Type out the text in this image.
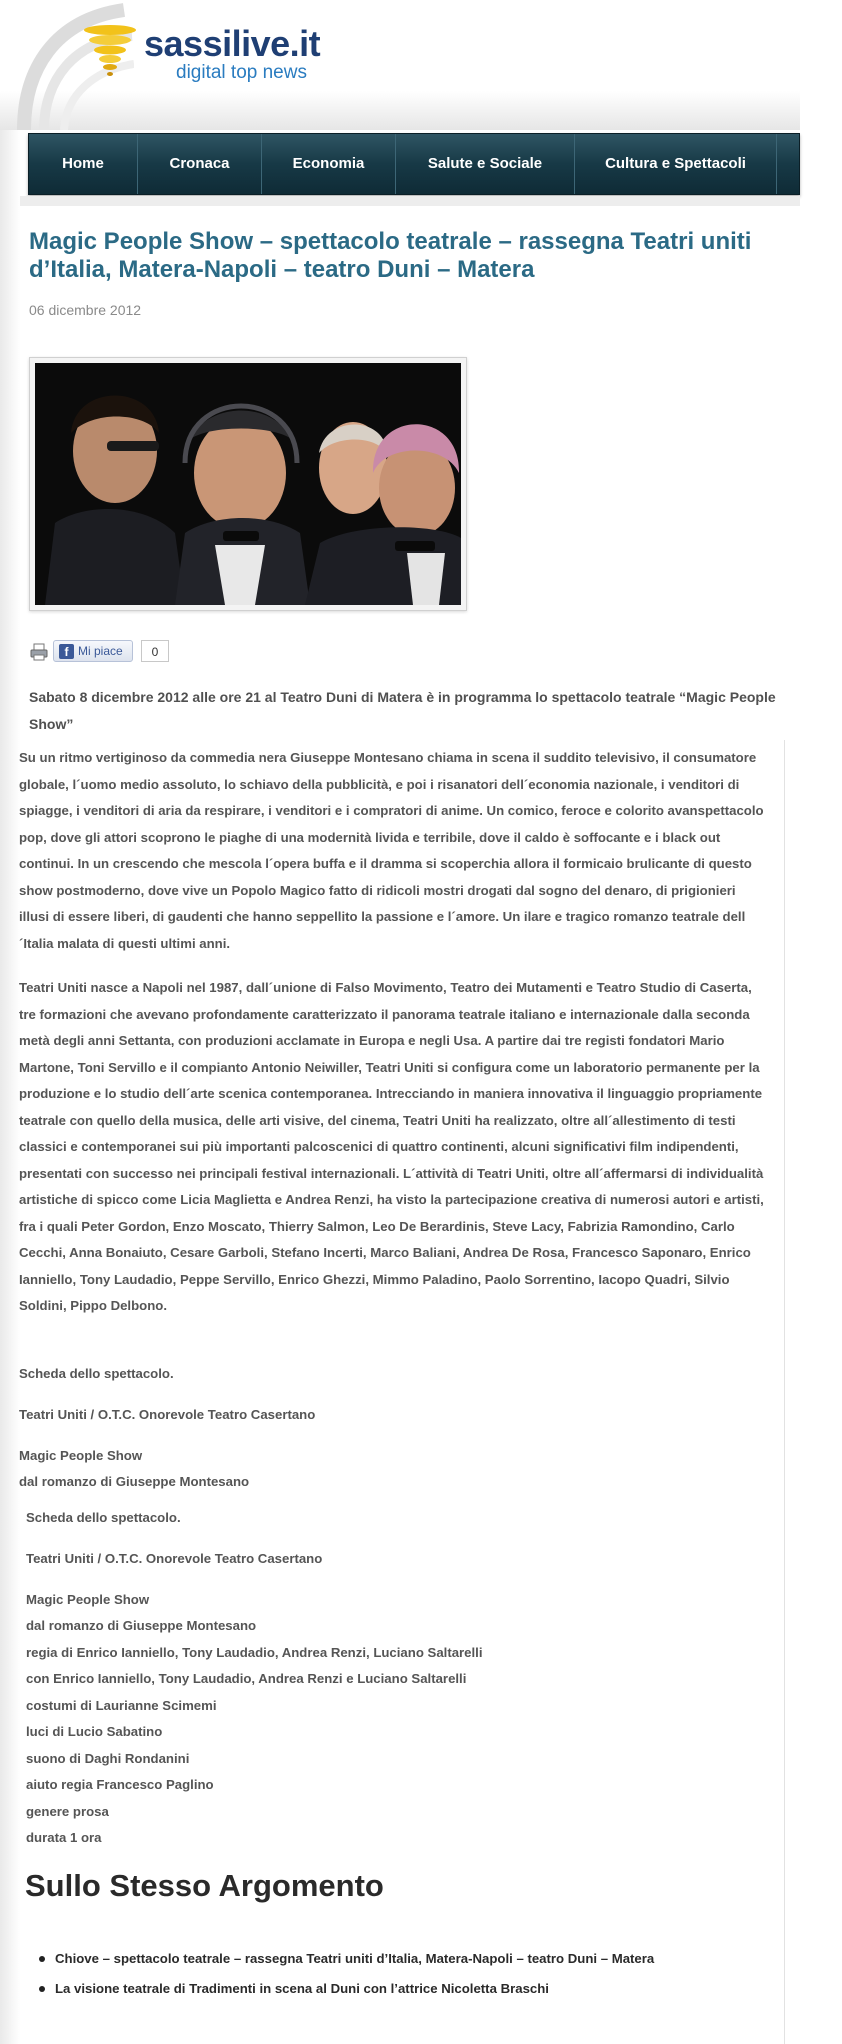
sassilive.it
digital top news
Home	Cronaca	Economia	Salute e Sociale	Cultura e Spettacoli
Magic People Show – spettacolo teatrale – rassegna Teatri uniti d’Italia, Matera-Napoli – teatro Duni – Matera
06 dicembre 2012
f Mi piace	0

Sabato 8 dicembre 2012 alle ore 21 al Teatro Duni di Matera è in programma lo spettacolo teatrale “Magic People Show”

Su un ritmo vertiginoso da commedia nera Giuseppe Montesano chiama in scena il suddito televisivo, il consumatore globale, l´uomo medio assoluto, lo schiavo della pubblicità, e poi i risanatori dell´economia nazionale, i venditori di spiagge, i venditori di aria da respirare, i venditori e i compratori di anime. Un comico, feroce e colorito avanspettacolo pop, dove gli attori scoprono le piaghe di una modernità livida e terribile, dove il caldo è soffocante e i black out continui. In un crescendo che mescola l´opera buffa e il dramma si scoperchia allora il formicaio brulicante di questo show postmoderno, dove vive un Popolo Magico fatto di ridicoli mostri drogati dal sogno del denaro, di prigionieri illusi di essere liberi, di gaudenti che hanno seppellito la passione e l´amore. Un ilare e tragico romanzo teatrale dell´Italia malata di questi ultimi anni.

Teatri Uniti nasce a Napoli nel 1987, dall´unione di Falso Movimento, Teatro dei Mutamenti e Teatro Studio di Caserta, tre formazioni che avevano profondamente caratterizzato il panorama teatrale italiano e internazionale dalla seconda metà degli anni Settanta, con produzioni acclamate in Europa e negli Usa. A partire dai tre registi fondatori Mario Martone, Toni Servillo e il compianto Antonio Neiwiller, Teatri Uniti si configura come un laboratorio permanente per la produzione e lo studio dell´arte scenica contemporanea. Intrecciando in maniera innovativa il linguaggio propriamente teatrale con quello della musica, delle arti visive, del cinema, Teatri Uniti ha realizzato, oltre all´allestimento di testi classici e contemporanei sui più importanti palcoscenici di quattro continenti, alcuni significativi film indipendenti, presentati con successo nei principali festival internazionali. L´attività di Teatri Uniti, oltre all´affermarsi di individualità artistiche di spicco come Licia Maglietta e Andrea Renzi, ha visto la partecipazione creativa di numerosi autori e artisti, fra i quali Peter Gordon, Enzo Moscato, Thierry Salmon, Leo De Berardinis, Steve Lacy, Fabrizia Ramondino, Carlo Cecchi, Anna Bonaiuto, Cesare Garboli, Stefano Incerti, Marco Baliani, Andrea De Rosa, Francesco Saponaro, Enrico Ianniello, Tony Laudadio, Peppe Servillo, Enrico Ghezzi, Mimmo Paladino, Paolo Sorrentino, Iacopo Quadri, Silvio Soldini, Pippo Delbono.

Scheda dello spettacolo.

Teatri Uniti / O.T.C. Onorevole Teatro Casertano

Magic People Show

dal romanzo di Giuseppe Montesano

Scheda dello spettacolo.

Teatri Uniti / O.T.C. Onorevole Teatro Casertano

Magic People Show

dal romanzo di Giuseppe Montesano

regia di Enrico Ianniello, Tony Laudadio, Andrea Renzi, Luciano Saltarelli

con Enrico Ianniello, Tony Laudadio, Andrea Renzi e Luciano Saltarelli

costumi di Laurianne Scimemi

luci di Lucio Sabatino

suono di Daghi Rondanini

aiuto regia Francesco Paglino

genere prosa

durata 1 ora

Sullo Stesso Argomento
Chiove – spettacolo teatrale – rassegna Teatri uniti d’Italia, Matera-Napoli – teatro Duni – Matera
La visione teatrale di Tradimenti in scena al Duni con l’attrice Nicoletta Braschi
